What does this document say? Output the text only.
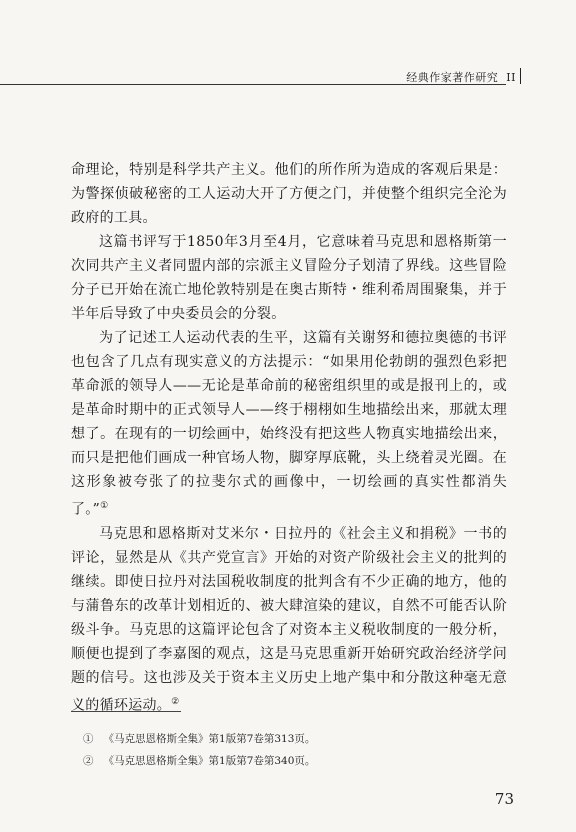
经典作家著作研究 II

命理论，特别是科学共产主义。他们的所作所为造成的客观后果是：为警探侦破秘密的工人运动大开了方便之门，并使整个组织完全沦为政府的工具。

这篇书评写于1850年3月至4月，它意味着马克思和恩格斯第一次同共产主义者同盟内部的宗派主义冒险分子划清了界线。这些冒险分子已开始在流亡地伦敦特别是在奥古斯特・维利希周围聚集，并于半年后导致了中央委员会的分裂。

为了记述工人运动代表的生平，这篇有关谢努和德拉奥德的书评也包含了几点有现实意义的方法提示：“如果用伦勃朗的强烈色彩把革命派的领导人——无论是革命前的秘密组织里的或是报刊上的，或是革命时期中的正式领导人——终于栩栩如生地描绘出来，那就太理想了。在现有的一切绘画中，始终没有把这些人物真实地描绘出来，而只是把他们画成一种官场人物，脚穿厚底靴，头上绕着灵光圈。在这形象被夸张了的拉斐尔式的画像中，一切绘画的真实性都消失了。”①

马克思和恩格斯对艾米尔・日拉丹的《社会主义和捐税》一书的评论，显然是从《共产党宣言》开始的对资产阶级社会主义的批判的继续。即使日拉丹对法国税收制度的批判含有不少正确的地方，他的与蒲鲁东的改革计划相近的、被大肆渲染的建议，自然不可能否认阶级斗争。马克思的这篇评论包含了对资本主义税收制度的一般分析，顺便也提到了李嘉图的观点，这是马克思重新开始研究政治经济学问题的信号。这也涉及关于资本主义历史上地产集中和分散这种毫无意义的循环运动。②

① 《马克思恩格斯全集》第1版第7卷第313页。
② 《马克思恩格斯全集》第1版第7卷第340页。
73
